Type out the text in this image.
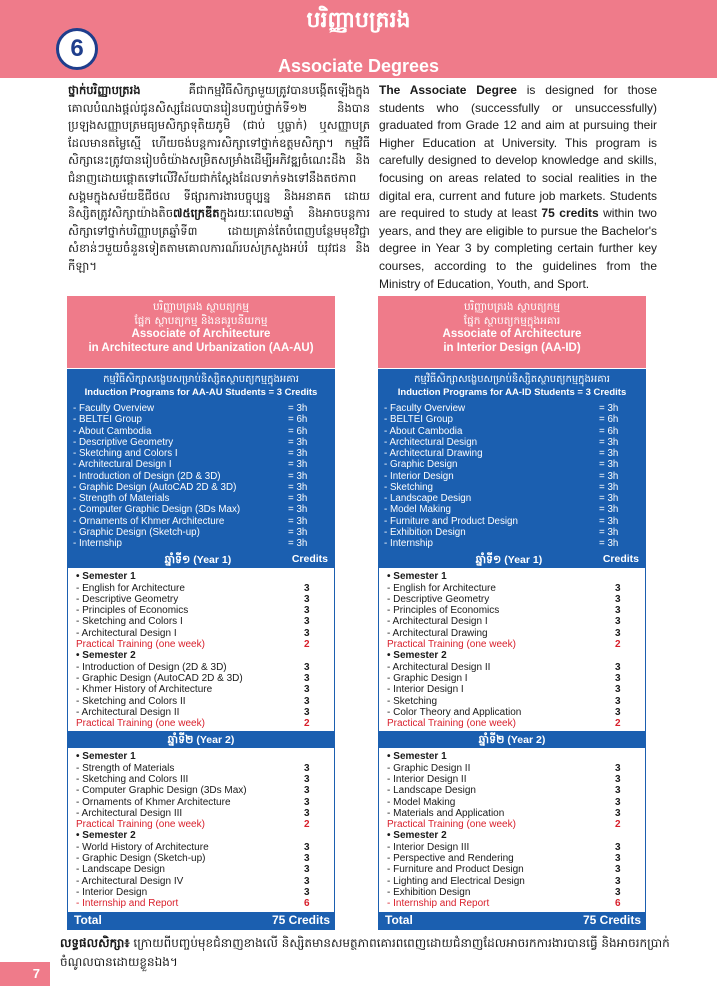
6
បរិញ្ញាបត្ររង
Associate Degrees
ថ្នាក់បរិញ្ញាបត្ររង គឺជាកម្មវិធីសិក្សាមួយត្រូវបានបង្កើតឡើងក្នុងគោលបំណងផ្តល់ជូនសិស្សដែលបានរៀនបញ្ចប់ថ្នាក់ទី១២ និងបានប្រឡងសញ្ញាបត្រមធ្យមសិក្សាទុតិយភូមិ (ជាប់ ឬធ្លាក់) ឬសញ្ញាបត្រ ដែលមានតម្លៃស្មើ ហើយចង់បន្តការសិក្សាទៅថ្នាក់ឧត្តមសិក្សា។ កម្មវិធីសិក្សានេះត្រូវបានរៀបចំយ៉ាងសម្រិតសម្រាំងដើម្បីអភិវឌ្ឍចំណេះដឹង និងជំនាញដោយផ្តោតទៅលើវិស័យជាក់ស្តែងដែលទាក់ទងទៅនឹងតថភាពសង្គមក្នុងសម័យឌីជីថល ទីផ្សារការងារបច្ចុប្បន្ន និងអនាគត ដោយនិស្សិតត្រូវសិក្សាយ៉ាងតិច៧៥ក្រេឌីតក្នុងរយៈពេល២ឆ្នាំ និងអាចបន្តការសិក្សាទៅថ្នាក់បរិញ្ញាបត្រឆ្នាំទី៣ ដោយគ្រាន់តែបំពេញបន្ថែមមុខវិជ្ជាសំខាន់ៗមួយចំនួនទៀតតាមគោលការណ៍របស់ក្រសួងអប់រំ យុវជន និងកីឡា។
The Associate Degree is designed for those students who (successfully or unsuccessfully) graduated from Grade 12 and aim at pursuing their Higher Education at University. This program is carefully designed to develop knowledge and skills, focusing on areas related to social realities in the digital era, current and future job markets. Students are required to study at least 75 credits within two years, and they are eligible to pursue the Bachelor's degree in Year 3 by completing certain further key courses, according to the guidelines from the Ministry of Education, Youth, and Sport.
បរិញ្ញាបត្ររង ស្ថាបត្យកម្ម
ផ្នែក ស្ថាបត្យកម្ម និងនគរូបនីយកម្ម
Associate of Architecture
in Architecture and Urbanization (AA-AU)
កម្មវិធីសិក្សាសង្ខេបសម្រាប់និស្សិតស្ថាបត្យកម្មក្នុងអគារ
Induction Programs for AA-AU Students = 3 Credits
- Faculty Overview	= 3h
- BELTEI Group	= 6h
- About Cambodia	= 6h
- Descriptive Geometry	= 3h
- Sketching and Colors I	= 3h
- Architectural Design I	= 3h
- Introduction of Design (2D & 3D)	= 3h
- Graphic Design (AutoCAD 2D & 3D)	= 3h
- Strength of Materials	= 3h
- Computer Graphic Design (3Ds Max)	= 3h
- Ornaments of Khmer Architecture	= 3h
- Graphic Design (Sketch-up)	= 3h
- Internship	= 3h
ឆ្នាំទី១ (Year 1)	Credits
• Semester 1
- English for Architecture	3
- Descriptive Geometry	3
- Principles of Economics	3
- Sketching and Colors I	3
- Architectural Design I	3
Practical Training (one week)	2
• Semester 2
- Introduction of Design (2D & 3D)	3
- Graphic Design (AutoCAD 2D & 3D)	3
- Khmer History of Architecture	3
- Sketching and Colors II	3
- Architectural Design II	3
Practical Training (one week)	2
ឆ្នាំទី២ (Year 2)
• Semester 1
- Strength of Materials	3
- Sketching and Colors III	3
- Computer Graphic Design (3Ds Max)	3
- Ornaments of Khmer Architecture	3
- Architectural Design III	3
Practical Training (one week)	2
• Semester 2
- World History of Architecture	3
- Graphic Design (Sketch-up)	3
- Landscape Design	3
- Architectural Design IV	3
- Interior Design	3
- Internship and Report	6
Total	75 Credits
បរិញ្ញាបត្ររង ស្ថាបត្យកម្ម
ផ្នែក ស្ថាបត្យកម្មក្នុងអគារ
Associate of Architecture
in Interior Design (AA-ID)
កម្មវិធីសិក្សាសង្ខេបសម្រាប់និស្សិតស្ថាបត្យកម្មក្នុងអគារ
Induction Programs for AA-ID Students = 3 Credits
- Faculty Overview	= 3h
- BELTEI Group	= 6h
- About Cambodia	= 6h
- Architectural Design	= 3h
- Architectural Drawing	= 3h
- Graphic Design	= 3h
- Interior Design	= 3h
- Sketching	= 3h
- Landscape Design	= 3h
- Model Making	= 3h
- Furniture and Product Design	= 3h
- Exhibition Design	= 3h
- Internship	= 3h
ឆ្នាំទី១ (Year 1)	Credits
• Semester 1
- English for Architecture	3
- Descriptive Geometry	3
- Principles of Economics	3
- Architectural Design I	3
- Architectural Drawing	3
Practical Training (one week)	2
• Semester 2
- Architectural Design II	3
- Graphic Design I	3
- Interior Design I	3
- Sketching	3
- Color Theory and Application	3
Practical Training (one week)	2
ឆ្នាំទី២ (Year 2)
• Semester 1
- Graphic Design II	3
- Interior Design II	3
- Landscape Design	3
- Model Making	3
- Materials and Application	3
Practical Training (one week)	2
• Semester 2
- Interior Design III	3
- Perspective and Rendering	3
- Furniture and Product Design	3
- Lighting and Electrical Design	3
- Exhibition Design	3
- Internship and Report	6
Total	75 Credits
លទ្ធផលសិក្សា៖ ក្រោយពីបញ្ចប់មុខជំនាញខាងលើ និស្សិតមានសមត្ថភាពគោរពពេញដោយជំនាញដែលអាចរកការងារបានធ្វើ និងអាចរកប្រាក់ចំណូលបានដោយខ្លួនឯង។
7
